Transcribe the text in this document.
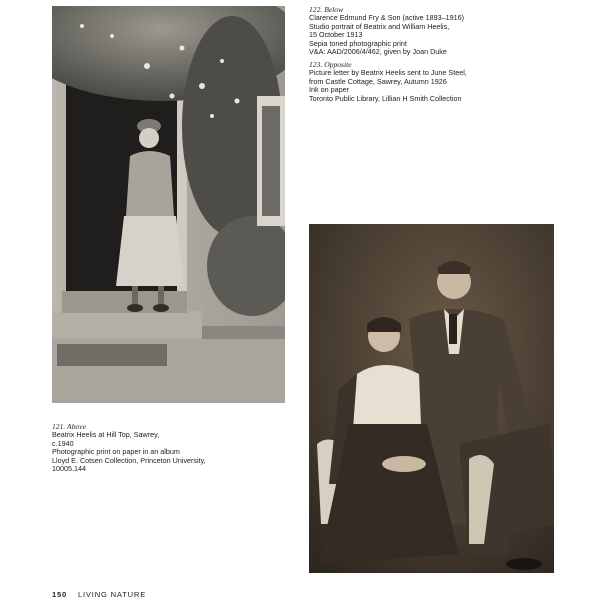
122. Below
Clarence Edmund Fry & Son (active 1893–1916)
Studio portrait of Beatrix and William Heelis,
15 October 1913
Sepia toned photographic print
V&A: AAD/2006/4/462, given by Joan Duke
123. Opposite
Picture letter by Beatrix Heelis sent to June Steel,
from Castle Cottage, Sawrey, Autumn 1926
Ink on paper
Toronto Public Library, Lillian H Smith Collection
121. Above
Beatrix Heelis at Hill Top, Sawrey,
c.1940
Photographic print on paper in an album
Lloyd E. Cotsen Collection, Princeton University,
10005.144
150 LIVING NATURE
